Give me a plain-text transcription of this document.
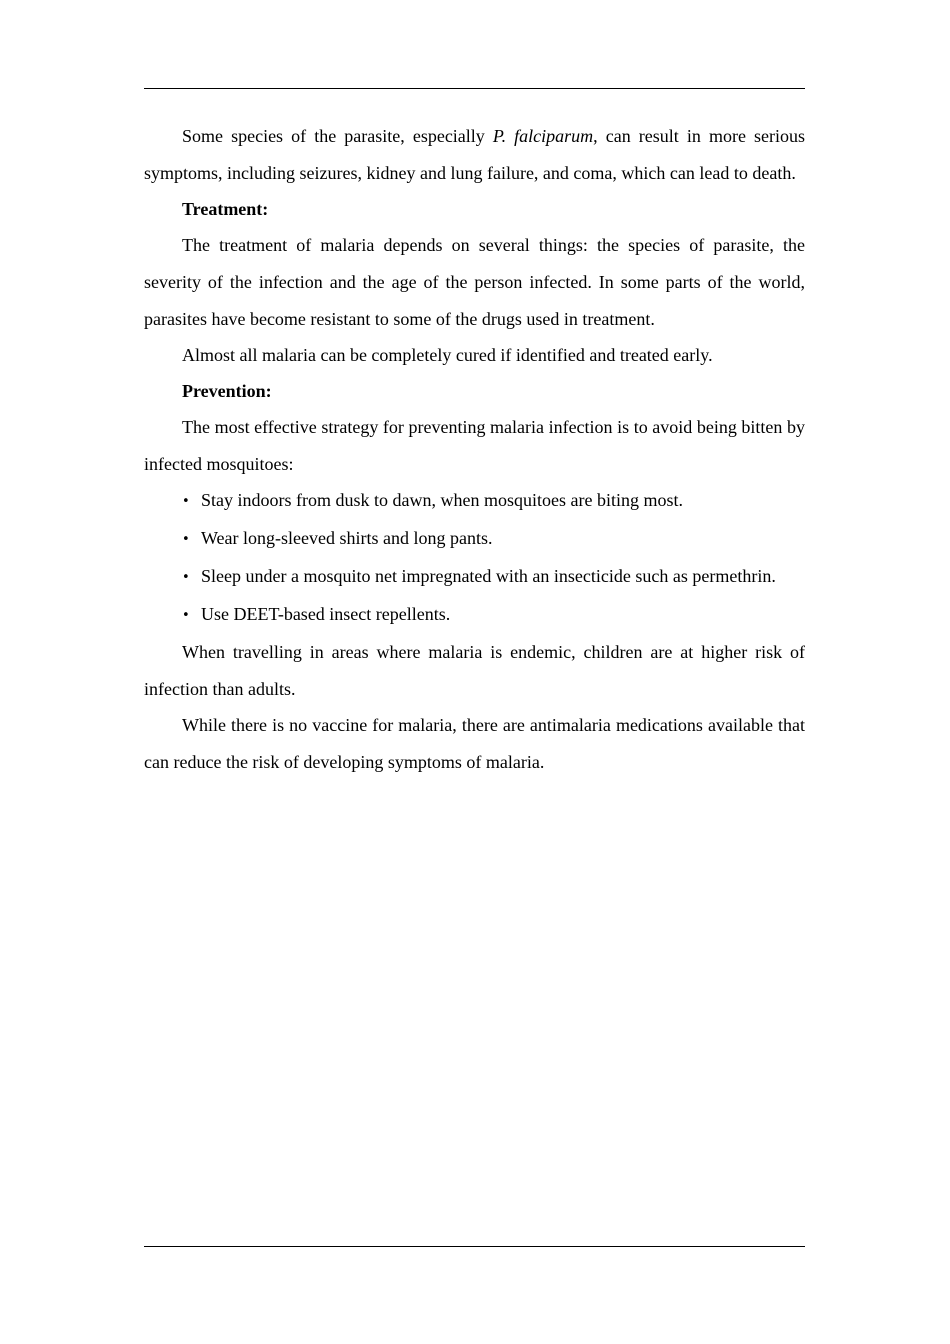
Some species of the parasite, especially P. falciparum, can result in more serious symptoms, including seizures, kidney and lung failure, and coma, which can lead to death.

Treatment:

The treatment of malaria depends on several things: the species of parasite, the severity of the infection and the age of the person infected. In some parts of the world, parasites have become resistant to some of the drugs used in treatment.

Almost all malaria can be completely cured if identified and treated early.

Prevention:

The most effective strategy for preventing malaria infection is to avoid being bitten by infected mosquitoes:

•Stay indoors from dusk to dawn, when mosquitoes are biting most.

•Wear long-sleeved shirts and long pants.

•Sleep under a mosquito net impregnated with an insecticide such as permethrin.

•Use DEET-based insect repellents.

When travelling in areas where malaria is endemic, children are at higher risk of infection than adults.

While there is no vaccine for malaria, there are antimalaria medications available that can reduce the risk of developing symptoms of malaria.
